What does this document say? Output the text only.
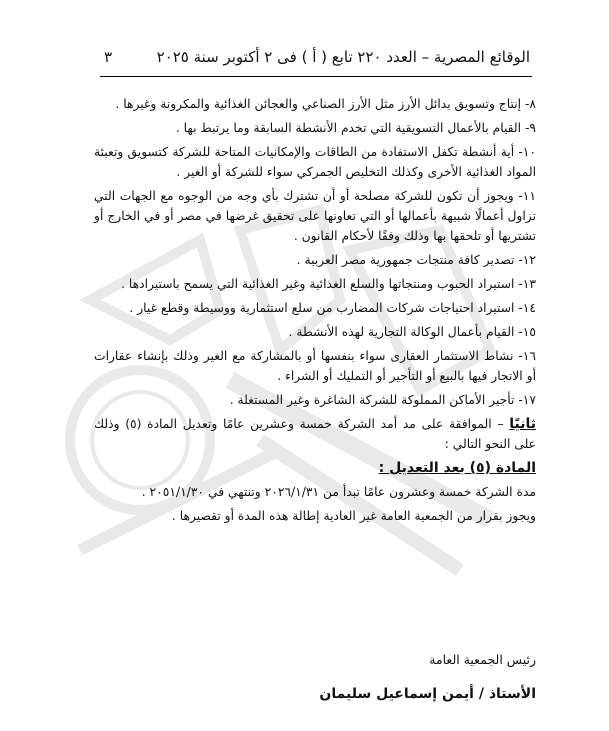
٣	الوقائع المصرية – العدد ٢٢٠ تابع ( أ ) فى ٢ أكتوبر سنة ٢٠٢٥

٨- إنتاج وتسويق بدائل الأرز مثل الأرز الصناعي والعجائن الغذائية والمكرونة وغيرها .

٩- القيام بالأعمال التسويقية التي تخدم الأنشطة السابقة وما يرتبط بها .

١٠- أية أنشطة تكفل الاستفادة من الطاقات والإمكانيات المتاحة للشركة كتسويق وتعبئة المواد الغذائية الأخرى وكذلك التخليص الجمركي سواء للشركة أو الغير .

١١- ويجوز أن تكون للشركة مصلحة أو أن تشترك بأي وجه من الوجوه مع الجهات التي تزاول أعمالًا شبيهة بأعمالها أو التي تعاونها على تحقيق غرضها في مصر أو في الخارج أو تشتريها أو تلحقها بها وذلك وفقًا لأحكام القانون .

١٢- تصدير كافة منتجات جمهورية مصر العربية .

١٣- استيراد الحبوب ومنتجاتها والسلع الغذائية وغير الغذائية التي يسمح باستيرادها .

١٤- استيراد احتياجات شركات المضارب من سلع استثمارية ووسيطة وقطع غيار .

١٥- القيام بأعمال الوكالة التجارية لهذه الأنشطة .

١٦- نشاط الاستثمار العقارى سواء بنفسها أو بالمشاركة مع الغير وذلك بإنشاء عقارات أو الاتجار فيها بالبيع أو التأجير أو التمليك أو الشراء .

١٧- تأجير الأماكن المملوكة للشركة الشاغرة وغير المستغلة .

ثانيًا – الموافقة على مد أمد الشركة خمسة وعشرين عامًا وتعديل المادة (٥) وذلك على النحو التالي :

المادة (٥) بعد التعديل :

مدة الشركة خمسة وعشرون عامًا تبدأ من ٢٠٢٦/١/٣١ وتنتهي في ٢٠٥١/١/٣٠ .

ويجوز بقرار من الجمعية العامة غير العادية إطالة هذه المدة أو تقصيرها .

رئيس الجمعية العامة
الأستاذ / أيمن إسماعيل سليمان
